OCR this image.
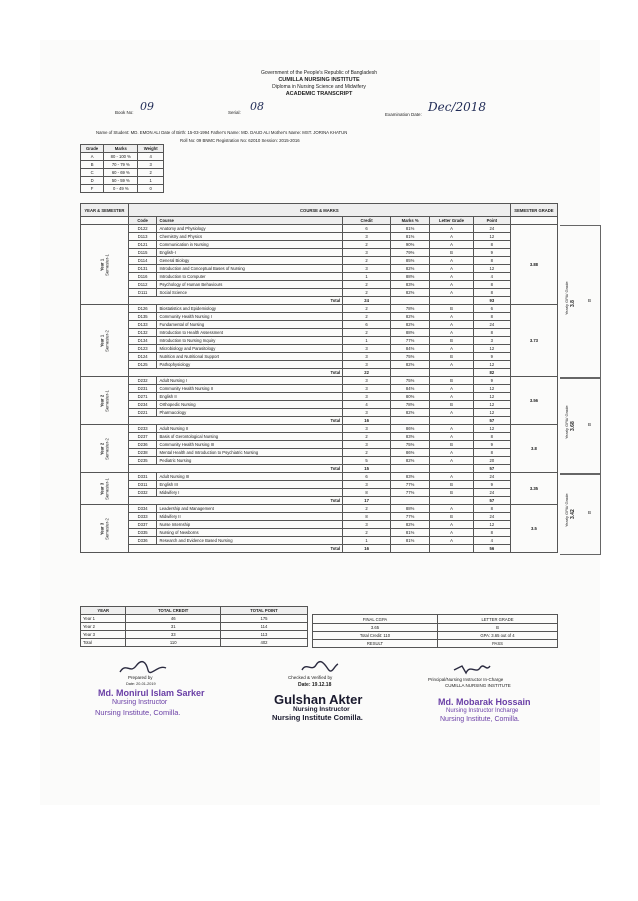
Government of the People's Republic of Bangladesh
CUMILLA NURSING INSTITUTE
Diploma in Nursing Science and Midwifery
ACADEMIC TRANSCRIPT
Book No: 09	Serial: 08
Examination Date:
Dec/2018
Name of Student: MD. EMON ALI Date of Birth: 15-03-1994 Father's Name: MD. DAUD ALI Mother's Name: MST. JORINA KHATUN
Roll No: 09 BNMC Registration No: 62010 Session: 2015-2016
Grade	Marks	Weight
A	80 - 100 %	4
B	70 - 79 %	3
C	60 - 69 %	2
D	50 - 59 %	1
F	0 - 49 %	0
YEAR & SEMESTER	COURSE & MARKS						SEMESTER GRADE
	Code	Course	Credit	Marks %	Letter Grade	Point	

Year 1 Semester-1	D122	Anatomy and Physiology	6	81%	A	24	3.88
	D113	Chemistry and Physics	3	81%	A	12	
	D121	Communication in Nursing	2	90%	A	8	
	D115	English-I	3	79%	B	9	
	D114	General Biology	2	85%	A	8	
	D131	Introduction and Conceptual Bases of Nursing	3	82%	A	12	
	D116	Introduction to Computer	1	88%	A	4	
	D112	Psychology of Human Behaviours	2	83%	A	8	
	D111	Social Science	2	82%	A	8	
	Total		24			93	

Year 1 Semester-2	D126	Biostatistics and Epidemiology	2	78%	B	6	3.73
	D135	Community Health Nursing I	2	82%	A	8	
	D133	Fundamental of Nursing	6	82%	A	24	
	D132	Introduction to Health Assessment	2	88%	A	8	
	D134	Introduction to Nursing Inquiry	1	77%	B	3	
	D123	Microbiology and Parasitology	3	84%	A	12	
	D124	Nutrition and Nutritional Support	3	75%	B	9	
	D125	Pathophysiology	3	82%	A	12	
	Total		22			82	

Year 2 Semester-1	D232	Adult Nursing I	3	75%	B	9	3.56
	D231	Community Health Nursing II	3	84%	A	12	
	D271	English II	3	80%	A	12	
	D234	Orthopedic Nursing	4	78%	B	12	
	D221	Pharmacology	3	82%	A	12	
	Total		16			57	

Year 2 Semester-2	D233	Adult Nursing II	3	86%	A	12	3.8
	D237	Basis of Gerontological Nursing	2	83%	A	8	
	D236	Community Health Nursing III	3	75%	B	9	
	D238	Mental Health and Introduction to Psychiatric Nursing	2	86%	A	8	
	D235	Pediatric Nursing	5	82%	A	20	
	Total		15			57	

Year 3 Semester-1	D331	Adult Nursing III	6	83%	A	24	3.35
	D311	English III	3	77%	B	9	
	D332	Midwifery I	8	77%	B	24	
	Total		17			57	

Year 3 Semester-2	D334	Leadership and Management	2	88%	A	8	3.5
	D333	Midwifery II	8	77%	B	24	
	D337	Nurse Internship	3	82%	A	12	
	D335	Nursing of Newborns	2	81%	A	8	
	D336	Research and Evidence Based Nursing	1	81%	A	4	
	Total		16			56	
Yearly GPA/ Grade 3.8	B
Yearly GPA/ Grade 3.68	B
Yearly GPA/ Grade 3.42	B
YEAR	TOTAL CREDIT	TOTAL POINT
Year 1	46	175
Year 2	31	114
Year 3	33	113
Total	110	402
FINAL CGPA	LETTER GRADE
3.65	B
Total Credit: 110	GPA: 3.65 out of 4
RESULT	PASS
Prepared by
Date: 20-01-2019
Md. Monirul Islam Sarker
Nursing Instructor
Nursing Institute, Comilla.
Checked & Verified by
Date: 19.12.18
Gulshan Akter
Nursing Instructor
Nursing Institute Comilla.
Principal/Nursing Instructor In-Charge
CUMILLA NURSING INSTITUTE
Md. Mobarak Hossain
Nursing Instructor Incharge
Nursing Institute, Comilla.
